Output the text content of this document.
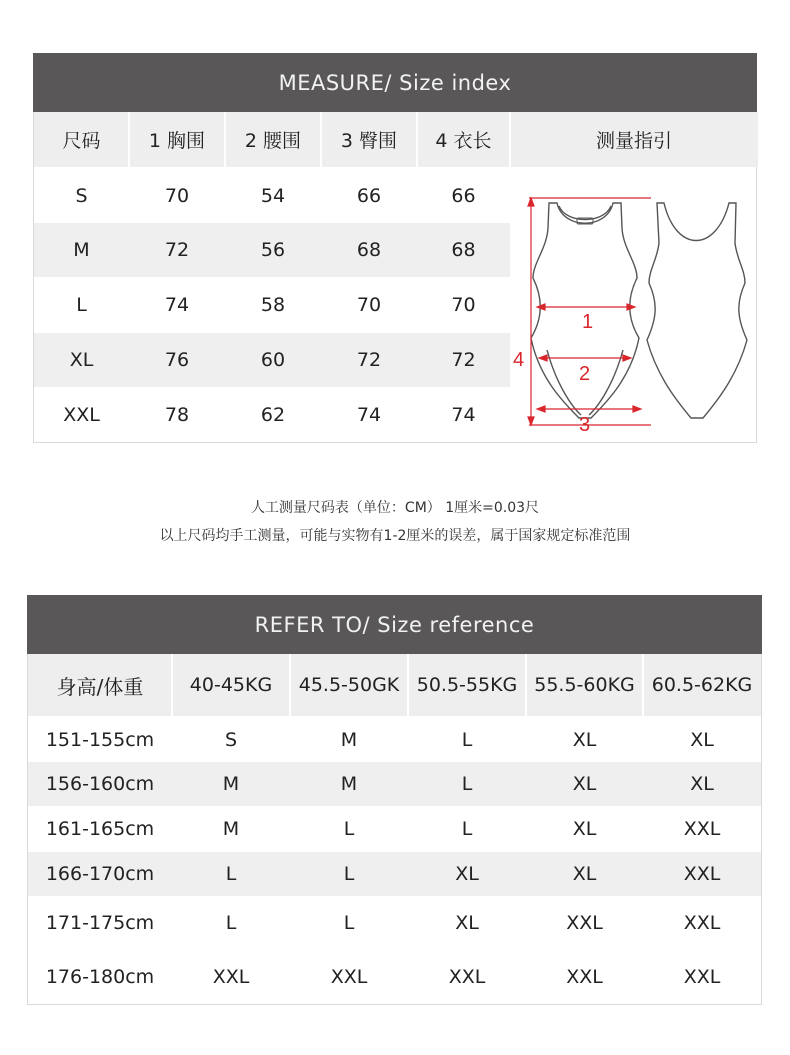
MEASURE/ Size index
尺码	1 胸围	2 腰围	3 臀围	4 衣长	测量指引
S	70	54	66	66
M	72	56	68	68
L	74	58	70	70
XL	76	60	72	72
XXL	78	62	74	74
1
2
3
4
人工测量尺码表（单位：CM） 1厘米=0.03尺
以上尺码均手工测量，可能与实物有1-2厘米的误差，属于国家规定标准范围
REFER TO/ Size reference
身高/体重	40-45KG	45.5-50GK 50.5-55KG 55.5-60KG 60.5-62KG
151-155cm	S	M	L	XL	XL
156-160cm	M	M	L	XL	XL
161-165cm	M	L	L	XL	XXL
166-170cm	L	L	XL	XL	XXL
171-175cm	L	L	XL	XXL	XXL
176-180cm	XXL	XXL	XXL	XXL	XXL
